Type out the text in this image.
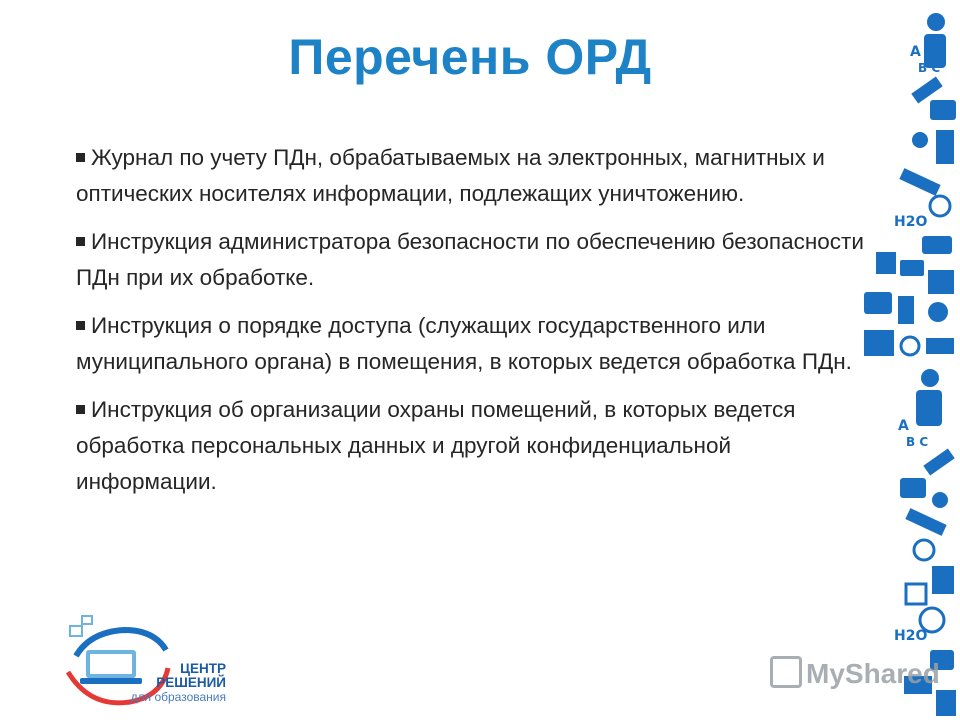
Перечень ОРД
Журнал по учету ПДн, обрабатываемых на электронных, магнитных и оптических носителях информации, подлежащих уничтожению.
Инструкция администратора безопасности по обеспечению безопасности ПДн при их обработке.
Инструкция о порядке доступа (служащих государственного или муниципального органа) в помещения, в которых ведется обработка ПДн.
Инструкция об организации охраны помещений, в которых ведется обработка персональных данных и другой конфиденциальной информации.
A
B C
H2O
A
B C
H2O
ЦЕНТР
РЕШЕНИЙ
для образования
MyShared
